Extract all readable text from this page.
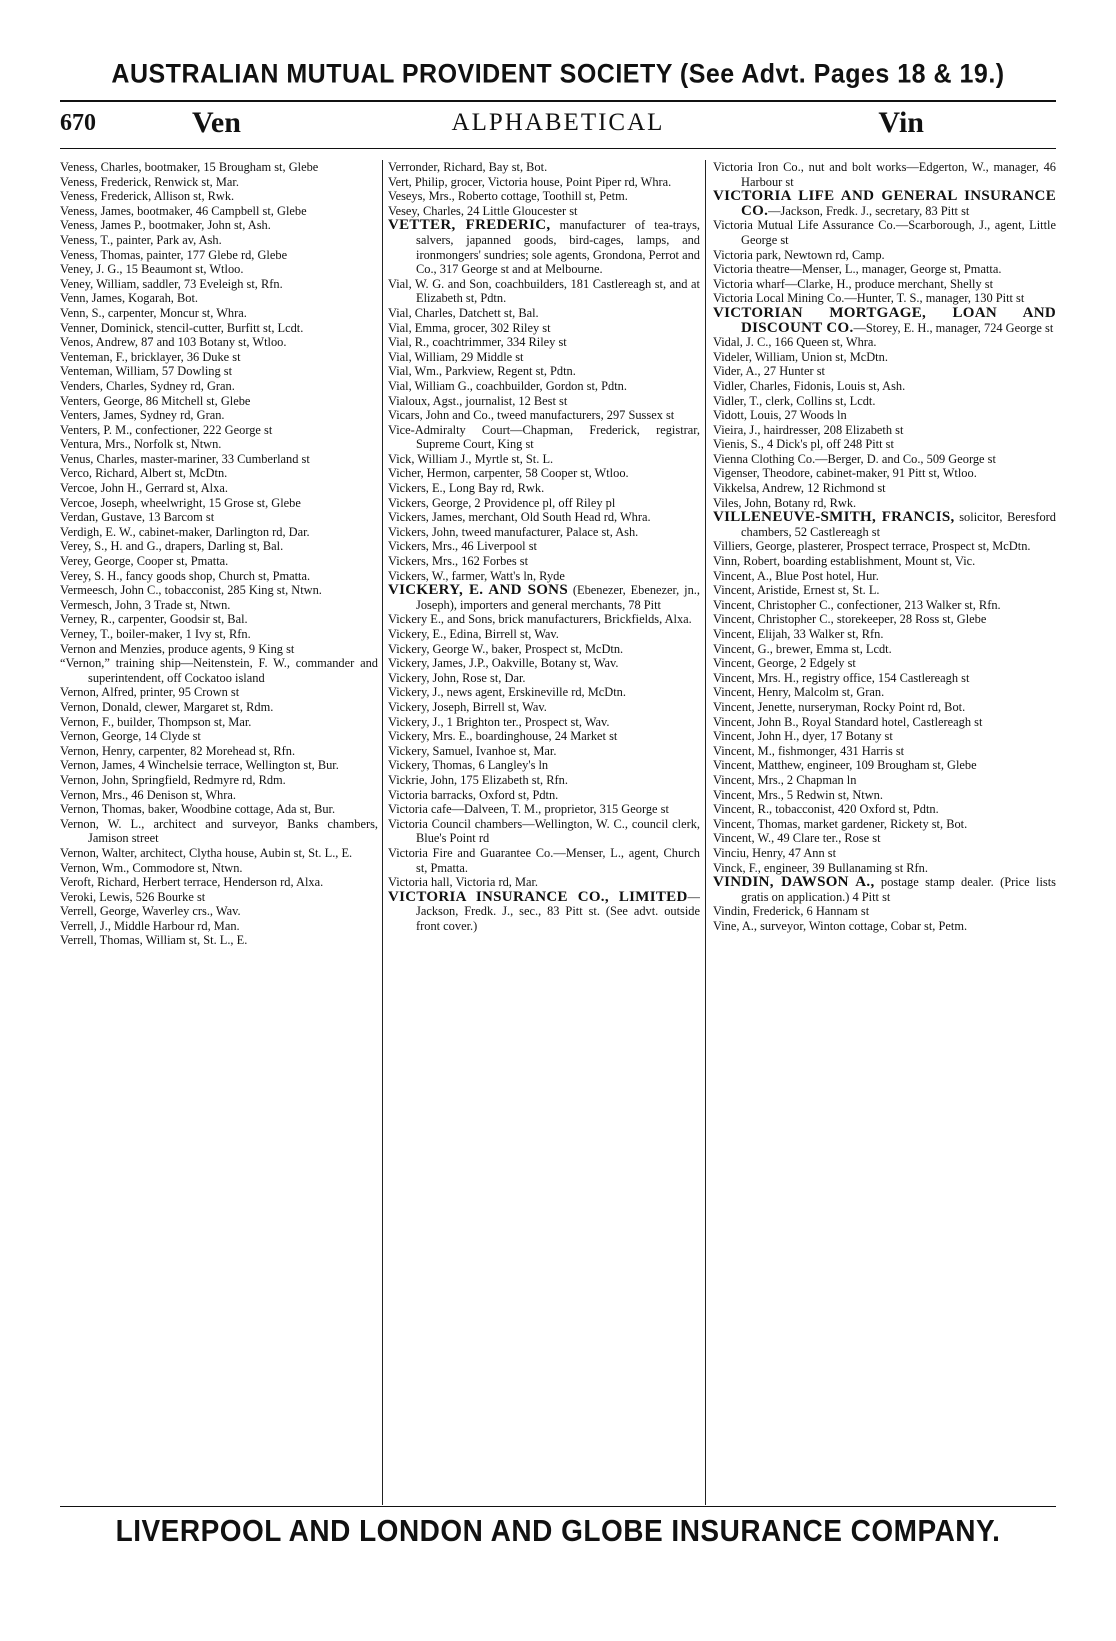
AUSTRALIAN MUTUAL PROVIDENT SOCIETY (See Advt. Pages 18 & 19.)
670	Ven	ALPHABETICAL	Vin

Veness, Charles, bootmaker, 15 Brougham st, Glebe

Veness, Frederick, Renwick st, Mar.

Veness, Frederick, Allison st, Rwk.

Veness, James, bootmaker, 46 Campbell st, Glebe

Veness, James P., bootmaker, John st, Ash.

Veness, T., painter, Park av, Ash.

Veness, Thomas, painter, 177 Glebe rd, Glebe

Veney, J. G., 15 Beaumont st, Wtloo.

Veney, William, saddler, 73 Eveleigh st, Rfn.

Venn, James, Kogarah, Bot.

Venn, S., carpenter, Moncur st, Whra.

Venner, Dominick, stencil-cutter, Burfitt st, Lcdt.

Venos, Andrew, 87 and 103 Botany st, Wtloo.

Venteman, F., bricklayer, 36 Duke st

Venteman, William, 57 Dowling st

Venders, Charles, Sydney rd, Gran.

Venters, George, 86 Mitchell st, Glebe

Venters, James, Sydney rd, Gran.

Venters, P. M., confectioner, 222 George st

Ventura, Mrs., Norfolk st, Ntwn.

Venus, Charles, master-mariner, 33 Cumberland st

Verco, Richard, Albert st, McDtn.

Vercoe, John H., Gerrard st, Alxa.

Vercoe, Joseph, wheelwright, 15 Grose st, Glebe

Verdan, Gustave, 13 Barcom st

Verdigh, E. W., cabinet-maker, Darlington rd, Dar.

Verey, S., H. and G., drapers, Darling st, Bal.

Verey, George, Cooper st, Pmatta.

Verey, S. H., fancy goods shop, Church st, Pmatta.

Vermeesch, John C., tobacconist, 285 King st, Ntwn.

Vermesch, John, 3 Trade st, Ntwn.

Verney, R., carpenter, Goodsir st, Bal.

Verney, T., boiler-maker, 1 Ivy st, Rfn.

Vernon and Menzies, produce agents, 9 King st

“Vernon,” training ship—Neitenstein, F. W., commander and superintendent, off Cockatoo island

Vernon, Alfred, printer, 95 Crown st

Vernon, Donald, clewer, Margaret st, Rdm.

Vernon, F., builder, Thompson st, Mar.

Vernon, George, 14 Clyde st

Vernon, Henry, carpenter, 82 Morehead st, Rfn.

Vernon, James, 4 Winchelsie terrace, Wellington st, Bur.

Vernon, John, Springfield, Redmyre rd, Rdm.

Vernon, Mrs., 46 Denison st, Whra.

Vernon, Thomas, baker, Woodbine cottage, Ada st, Bur.

Vernon, W. L., architect and surveyor, Banks chambers, Jamison street

Vernon, Walter, architect, Clytha house, Aubin st, St. L., E.

Vernon, Wm., Commodore st, Ntwn.

Veroft, Richard, Herbert terrace, Henderson rd, Alxa.

Veroki, Lewis, 526 Bourke st

Verrell, George, Waverley crs., Wav.

Verrell, J., Middle Harbour rd, Man.

Verrell, Thomas, William st, St. L., E.

Verronder, Richard, Bay st, Bot.

Vert, Philip, grocer, Victoria house, Point Piper rd, Whra.

Veseys, Mrs., Roberto cottage, Toothill st, Petm.

Vesey, Charles, 24 Little Gloucester st

VETTER, FREDERIC, manufacturer of tea-trays, salvers, japanned goods, bird-cages, lamps, and ironmongers' sundries; sole agents, Grondona, Perrot and Co., 317 George st and at Melbourne.

Vial, W. G. and Son, coachbuilders, 181 Castlereagh st, and at Elizabeth st, Pdtn.

Vial, Charles, Datchett st, Bal.

Vial, Emma, grocer, 302 Riley st

Vial, R., coachtrimmer, 334 Riley st

Vial, William, 29 Middle st

Vial, Wm., Parkview, Regent st, Pdtn.

Vial, William G., coachbuilder, Gordon st, Pdtn.

Vialoux, Agst., journalist, 12 Best st

Vicars, John and Co., tweed manufacturers, 297 Sussex st

Vice-Admiralty Court—Chapman, Frederick, registrar, Supreme Court, King st

Vick, William J., Myrtle st, St. L.

Vicher, Hermon, carpenter, 58 Cooper st, Wtloo.

Vickers, E., Long Bay rd, Rwk.

Vickers, George, 2 Providence pl, off Riley pl

Vickers, James, merchant, Old South Head rd, Whra.

Vickers, John, tweed manufacturer, Palace st, Ash.

Vickers, Mrs., 46 Liverpool st

Vickers, Mrs., 162 Forbes st

Vickers, W., farmer, Watt's ln, Ryde

VICKERY, E. AND SONS (Ebenezer, Ebenezer, jn., Joseph), importers and general merchants, 78 Pitt

Vickery E., and Sons, brick manufacturers, Brickfields, Alxa.

Vickery, E., Edina, Birrell st, Wav.

Vickery, George W., baker, Prospect st, McDtn.

Vickery, James, J.P., Oakville, Botany st, Wav.

Vickery, John, Rose st, Dar.

Vickery, J., news agent, Erskineville rd, McDtn.

Vickery, Joseph, Birrell st, Wav.

Vickery, J., 1 Brighton ter., Prospect st, Wav.

Vickery, Mrs. E., boardinghouse, 24 Market st

Vickery, Samuel, Ivanhoe st, Mar.

Vickery, Thomas, 6 Langley's ln

Vickrie, John, 175 Elizabeth st, Rfn.

Victoria barracks, Oxford st, Pdtn.

Victoria cafe—Dalveen, T. M., proprietor, 315 George st

Victoria Council chambers—Wellington, W. C., council clerk, Blue's Point rd

Victoria Fire and Guarantee Co.—Menser, L., agent, Church st, Pmatta.

Victoria hall, Victoria rd, Mar.

VICTORIA INSURANCE CO., LIMITED—Jackson, Fredk. J., sec., 83 Pitt st. (See advt. outside front cover.)

Victoria Iron Co., nut and bolt works—Edgerton, W., manager, 46 Harbour st

VICTORIA LIFE AND GENERAL INSURANCE CO.—Jackson, Fredk. J., secretary, 83 Pitt st

Victoria Mutual Life Assurance Co.—Scarborough, J., agent, Little George st

Victoria park, Newtown rd, Camp.

Victoria theatre—Menser, L., manager, George st, Pmatta.

Victoria wharf—Clarke, H., produce merchant, Shelly st

Victoria Local Mining Co.—Hunter, T. S., manager, 130 Pitt st

VICTORIAN MORTGAGE, LOAN AND DISCOUNT CO.—Storey, E. H., manager, 724 George st

Vidal, J. C., 166 Queen st, Whra.

Videler, William, Union st, McDtn.

Vider, A., 27 Hunter st

Vidler, Charles, Fidonis, Louis st, Ash.

Vidler, T., clerk, Collins st, Lcdt.

Vidott, Louis, 27 Woods ln

Vieira, J., hairdresser, 208 Elizabeth st

Vienis, S., 4 Dick's pl, off 248 Pitt st

Vienna Clothing Co.—Berger, D. and Co., 509 George st

Vigenser, Theodore, cabinet-maker, 91 Pitt st, Wtloo.

Vikkelsa, Andrew, 12 Richmond st

Viles, John, Botany rd, Rwk.

VILLENEUVE-SMITH, FRANCIS, solicitor, Beresford chambers, 52 Castlereagh st

Villiers, George, plasterer, Prospect terrace, Prospect st, McDtn.

Vinn, Robert, boarding establishment, Mount st, Vic.

Vincent, A., Blue Post hotel, Hur.

Vincent, Aristide, Ernest st, St. L.

Vincent, Christopher C., confectioner, 213 Walker st, Rfn.

Vincent, Christopher C., storekeeper, 28 Ross st, Glebe

Vincent, Elijah, 33 Walker st, Rfn.

Vincent, G., brewer, Emma st, Lcdt.

Vincent, George, 2 Edgely st

Vincent, Mrs. H., registry office, 154 Castlereagh st

Vincent, Henry, Malcolm st, Gran.

Vincent, Jenette, nurseryman, Rocky Point rd, Bot.

Vincent, John B., Royal Standard hotel, Castlereagh st

Vincent, John H., dyer, 17 Botany st

Vincent, M., fishmonger, 431 Harris st

Vincent, Matthew, engineer, 109 Brougham st, Glebe

Vincent, Mrs., 2 Chapman ln

Vincent, Mrs., 5 Redwin st, Ntwn.

Vincent, R., tobacconist, 420 Oxford st, Pdtn.

Vincent, Thomas, market gardener, Rickety st, Bot.

Vincent, W., 49 Clare ter., Rose st

Vinciu, Henry, 47 Ann st

Vinck, F., engineer, 39 Bullanaming st Rfn.

VINDIN, DAWSON A., postage stamp dealer. (Price lists gratis on application.) 4 Pitt st

Vindin, Frederick, 6 Hannam st

Vine, A., surveyor, Winton cottage, Cobar st, Petm.

LIVERPOOL AND LONDON AND GLOBE INSURANCE COMPANY.
